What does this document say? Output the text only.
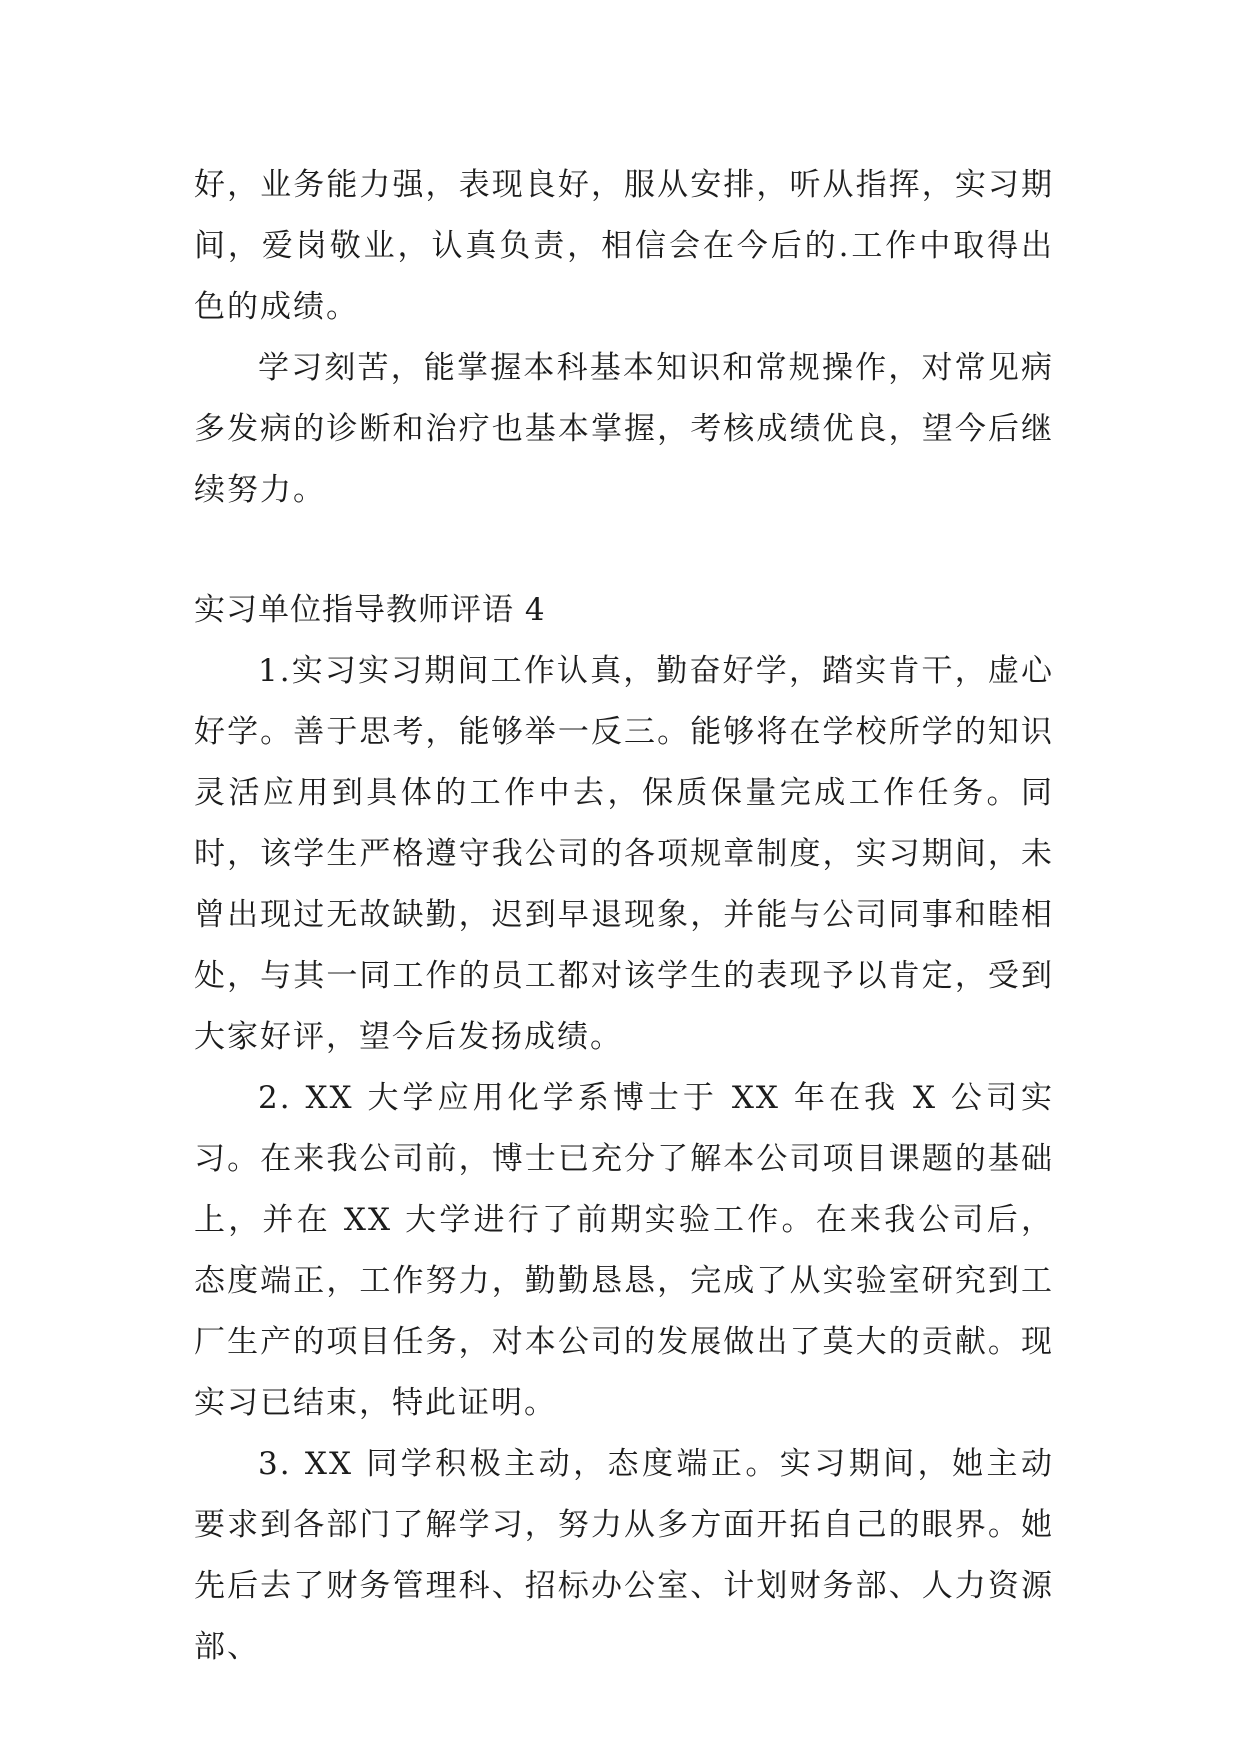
好，业务能力强，表现良好，服从安排，听从指挥，实习期间，爱岗敬业，认真负责，相信会在今后的.工作中取得出色的成绩。

学习刻苦，能掌握本科基本知识和常规操作，对常见病多发病的诊断和治疗也基本掌握，考核成绩优良，望今后继续努力。

实习单位指导教师评语 4

1.实习实习期间工作认真，勤奋好学，踏实肯干，虚心好学。善于思考，能够举一反三。能够将在学校所学的知识灵活应用到具体的工作中去，保质保量完成工作任务。同时，该学生严格遵守我公司的各项规章制度，实习期间，未曾出现过无故缺勤，迟到早退现象，并能与公司同事和睦相处，与其一同工作的员工都对该学生的表现予以肯定，受到大家好评，望今后发扬成绩。

2. XX 大学应用化学系博士于 XX 年在我 X 公司实习。在来我公司前，博士已充分了解本公司项目课题的基础上，并在 XX 大学进行了前期实验工作。在来我公司后，态度端正，工作努力，勤勤恳恳，完成了从实验室研究到工厂生产的项目任务，对本公司的发展做出了莫大的贡献。现实习已结束，特此证明。

3. XX 同学积极主动，态度端正。实习期间，她主动要求到各部门了解学习，努力从多方面开拓自己的眼界。她先后去了财务管理科、招标办公室、计划财务部、人力资源部、
